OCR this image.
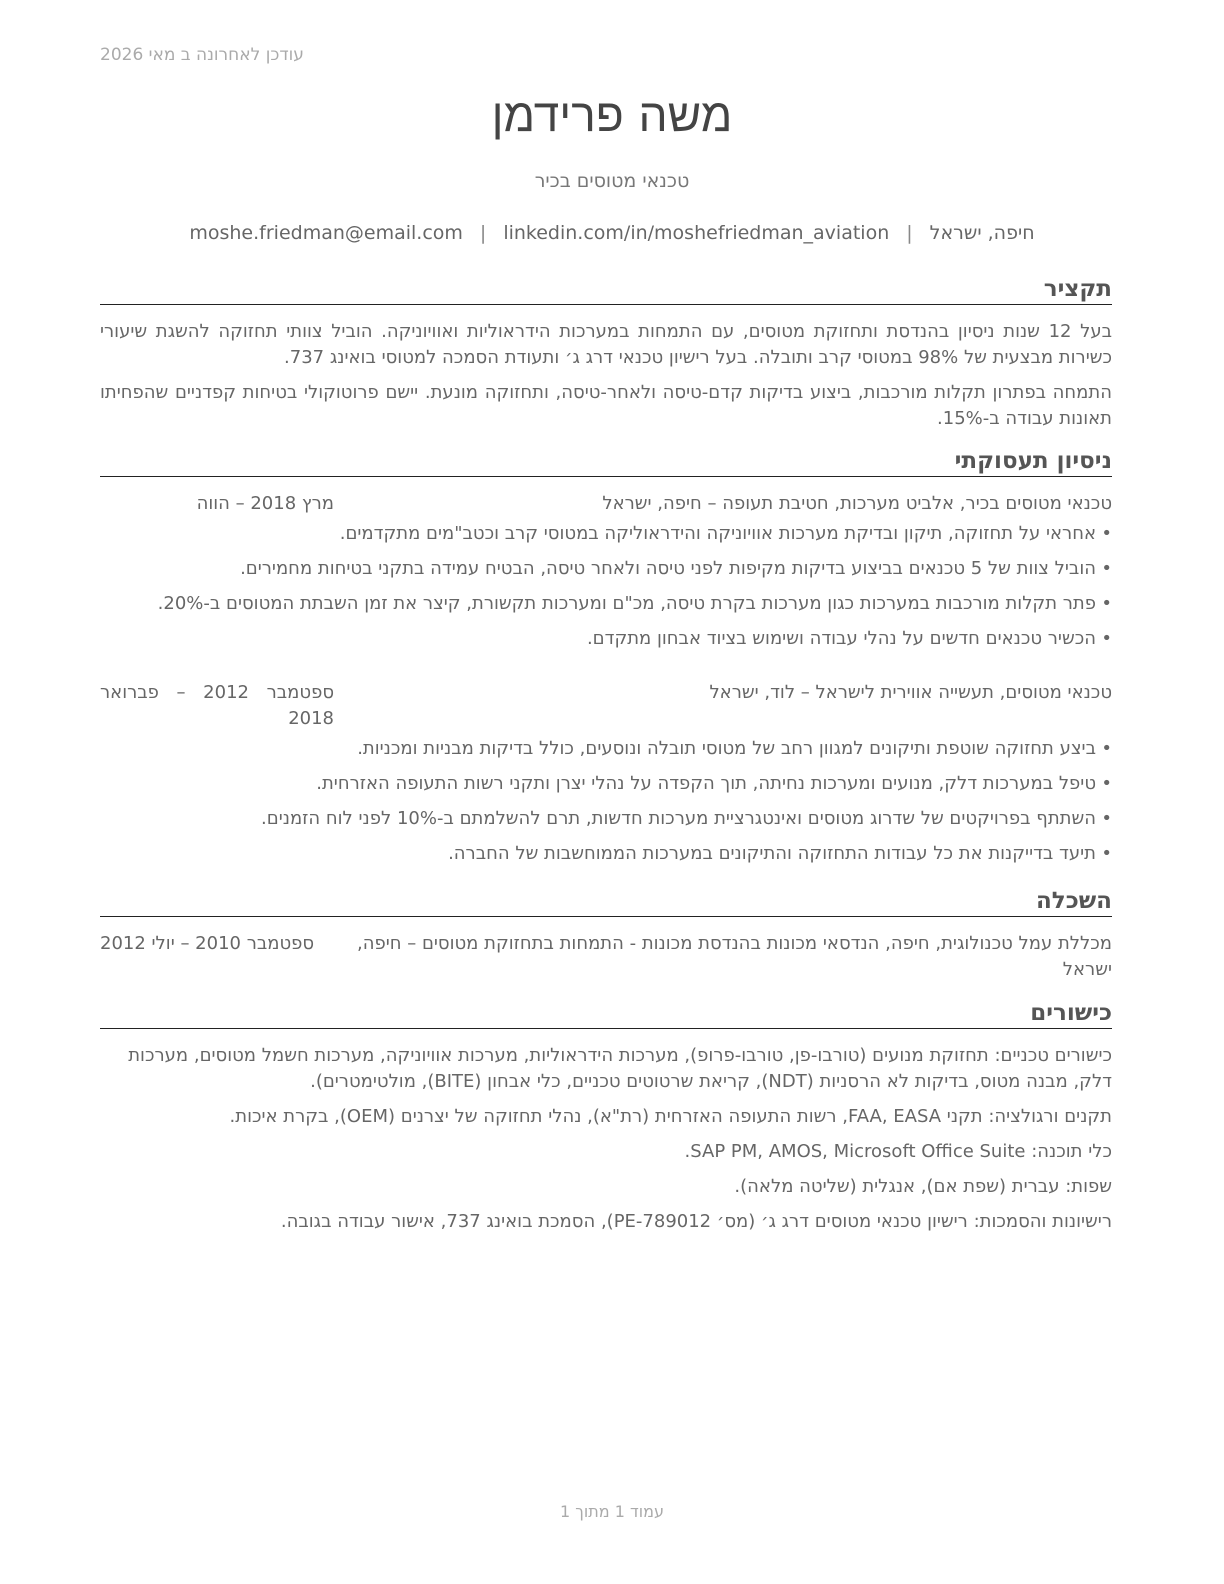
עודכן לאחרונה ב מאי 2026
משה פרידמן
טכנאי מטוסים בכיר
חיפה, ישראל|moshe.friedman@email.com | linkedin.com/in/moshefriedman_aviation
תקציר

בעל 12 שנות ניסיון בהנדסת ותחזוקת מטוסים, עם התמחות במערכות הידראוליות ואוויוניקה. הוביל צוותי תחזוקה להשגת שיעורי כשירות מבצעית של 98% במטוסי קרב ותובלה. בעל רישיון טכנאי דרג ג׳ ותעודת הסמכה למטוסי בואינג 737.

התמחה בפתרון תקלות מורכבות, ביצוע בדיקות קדם-טיסה ולאחר-טיסה, ותחזוקה מונעת. יישם פרוטוקולי בטיחות קפדניים שהפחיתו תאונות עבודה ב-15%.

ניסיון תעסוקתי
טכנאי מטוסים בכיר, אלביט מערכות, חטיבת תעופה – חיפה, ישראל
מרץ 2018 – הווה
• אחראי על תחזוקה, תיקון ובדיקת מערכות אוויוניקה והידראוליקה במטוסי קרב וכטב"מים מתקדמים.
• הוביל צוות של 5 טכנאים בביצוע בדיקות מקיפות לפני טיסה ולאחר טיסה, הבטיח עמידה בתקני בטיחות מחמירים.
• פתר תקלות מורכבות במערכות כגון מערכות בקרת טיסה, מכ"ם ומערכות תקשורת, קיצר את זמן השבתת המטוסים ב-20%.
• הכשיר טכנאים חדשים על נהלי עבודה ושימוש בציוד אבחון מתקדם.
טכנאי מטוסים, תעשייה אווירית לישראל – לוד, ישראל
ספטמבר 2012 – פברואר 2018
• ביצע תחזוקה שוטפת ותיקונים למגוון רחב של מטוסי תובלה ונוסעים, כולל בדיקות מבניות ומכניות.
• טיפל במערכות דלק, מנועים ומערכות נחיתה, תוך הקפדה על נהלי יצרן ותקני רשות התעופה האזרחית.
• השתתף בפרויקטים של שדרוג מטוסים ואינטגרציית מערכות חדשות, תרם להשלמתם ב-10% לפני לוח הזמנים.
• תיעד בדייקנות את כל עבודות התחזוקה והתיקונים במערכות הממוחשבות של החברה.
השכלה
מכללת עמל טכנולוגית, חיפה, הנדסאי מכונות בהנדסת מכונות - התמחות בתחזוקת מטוסים – חיפה,
ישראל
ספטמבר 2010 – יולי 2012
כישורים

כישורים טכניים: תחזוקת מנועים (טורבו-פן, טורבו-פרופ), מערכות הידראוליות, מערכות אוויוניקה, מערכות חשמל מטוסים, מערכות דלק, מבנה מטוס, בדיקות לא הרסניות (NDT), קריאת שרטוטים טכניים, כלי אבחון (BITE), מולטימטרים).

תקנים ורגולציה: תקני FAA, EASA, רשות התעופה האזרחית (רת"א), נהלי תחזוקה של יצרנים (OEM), בקרת איכות.

כלי תוכנה: SAP PM, AMOS, Microsoft Office Suite.

שפות: עברית (שפת אם), אנגלית (שליטה מלאה).

רישיונות והסמכות: רישיון טכנאי מטוסים דרג ג׳ (מס׳ PE-789012), הסמכת בואינג 737, אישור עבודה בגובה.

עמוד 1 מתוך 1
